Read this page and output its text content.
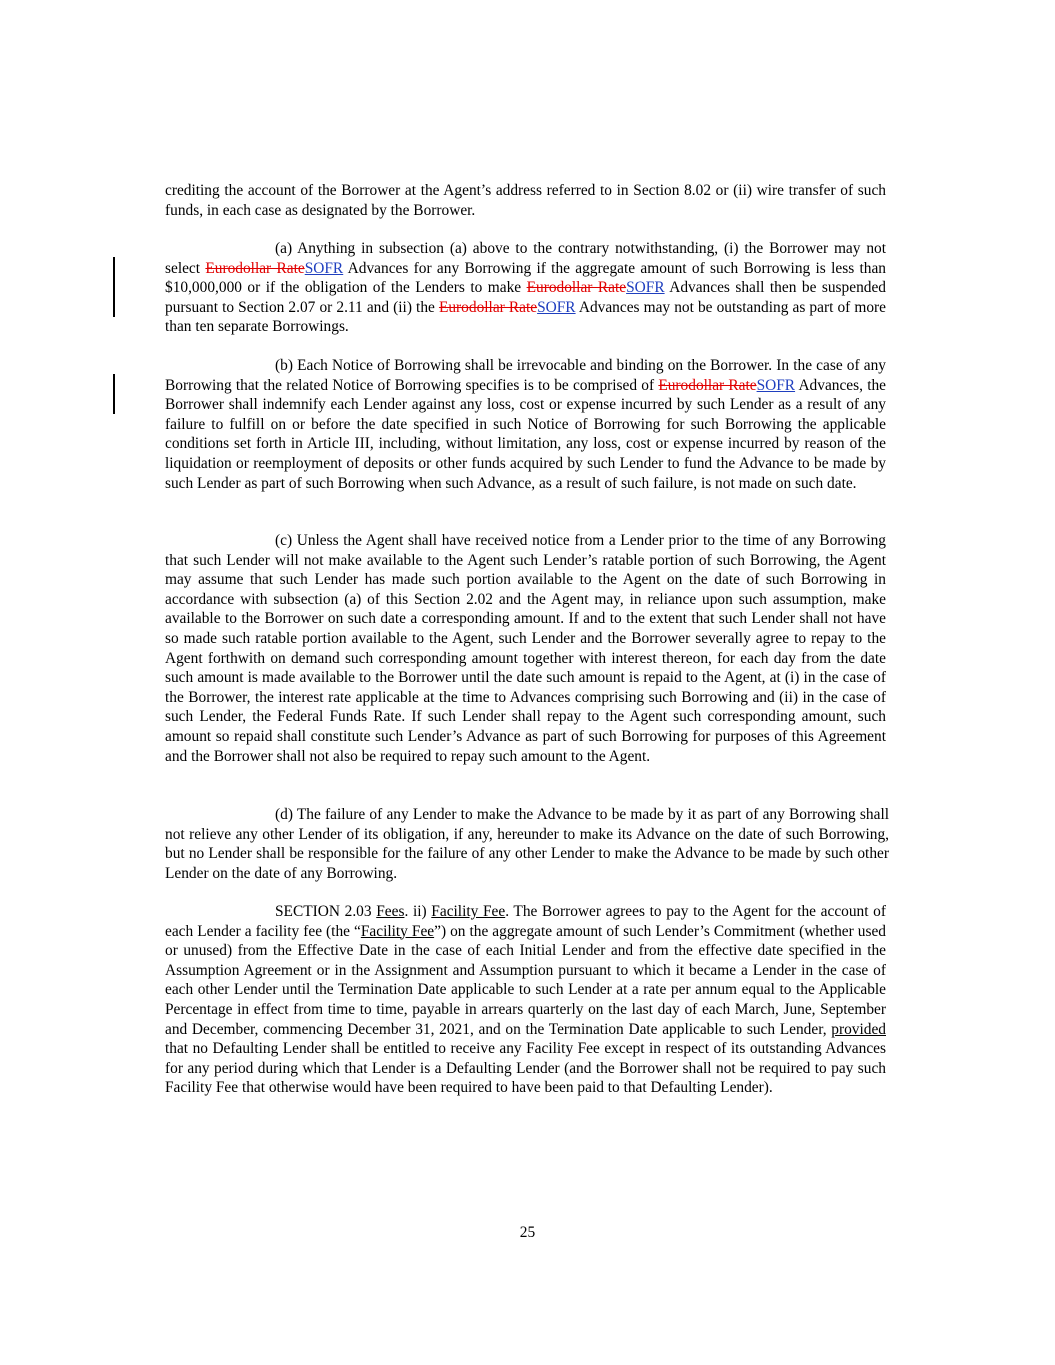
crediting the account of the Borrower at the Agent’s address referred to in Section 8.02 or (ii) wire transfer of such funds, in each case as designated by the Borrower.

(a) Anything in subsection (a) above to the contrary notwithstanding, (i) the Borrower may not select Eurodollar RateSOFR Advances for any Borrowing if the aggregate amount of such Borrowing is less than $10,000,000 or if the obligation of the Lenders to make Eurodollar RateSOFR Advances shall then be suspended pursuant to Section 2.07 or 2.11 and (ii) the Eurodollar RateSOFR Advances may not be outstanding as part of more than ten separate Borrowings.

(b) Each Notice of Borrowing shall be irrevocable and binding on the Borrower. In the case of any Borrowing that the related Notice of Borrowing specifies is to be comprised of Eurodollar RateSOFR Advances, the Borrower shall indemnify each Lender against any loss, cost or expense incurred by such Lender as a result of any failure to fulfill on or before the date specified in such Notice of Borrowing for such Borrowing the applicable conditions set forth in Article III, including, without limitation, any loss, cost or expense incurred by reason of the liquidation or reemployment of deposits or other funds acquired by such Lender to fund the Advance to be made by such Lender as part of such Borrowing when such Advance, as a result of such failure, is not made on such date.

(c) Unless the Agent shall have received notice from a Lender prior to the time of any Borrowing that such Lender will not make available to the Agent such Lender’s ratable portion of such Borrowing, the Agent may assume that such Lender has made such portion available to the Agent on the date of such Borrowing in accordance with subsection (a) of this Section 2.02 and the Agent may, in reliance upon such assumption, make available to the Borrower on such date a corresponding amount. If and to the extent that such Lender shall not have so made such ratable portion available to the Agent, such Lender and the Borrower severally agree to repay to the Agent forthwith on demand such corresponding amount together with interest thereon, for each day from the date such amount is made available to the Borrower until the date such amount is repaid to the Agent, at (i) in the case of the Borrower, the interest rate applicable at the time to Advances comprising such Borrowing and (ii) in the case of such Lender, the Federal Funds Rate. If such Lender shall repay to the Agent such corresponding amount, such amount so repaid shall constitute such Lender’s Advance as part of such Borrowing for purposes of this Agreement and the Borrower shall not also be required to repay such amount to the Agent.

(d) The failure of any Lender to make the Advance to be made by it as part of any Borrowing shall not relieve any other Lender of its obligation, if any, hereunder to make its Advance on the date of such Borrowing, but no Lender shall be responsible for the failure of any other Lender to make the Advance to be made by such other Lender on the date of any Borrowing.

SECTION 2.03 Fees. ii) Facility Fee. The Borrower agrees to pay to the Agent for the account of each Lender a facility fee (the “Facility Fee”) on the aggregate amount of such Lender’s Commitment (whether used or unused) from the Effective Date in the case of each Initial Lender and from the effective date specified in the Assumption Agreement or in the Assignment and Assumption pursuant to which it became a Lender in the case of each other Lender until the Termination Date applicable to such Lender at a rate per annum equal to the Applicable Percentage in effect from time to time, payable in arrears quarterly on the last day of each March, June, September and December, commencing December 31, 2021, and on the Termination Date applicable to such Lender, provided that no Defaulting Lender shall be entitled to receive any Facility Fee except in respect of its outstanding Advances for any period during which that Lender is a Defaulting Lender (and the Borrower shall not be required to pay such Facility Fee that otherwise would have been required to have been paid to that Defaulting Lender).

25
